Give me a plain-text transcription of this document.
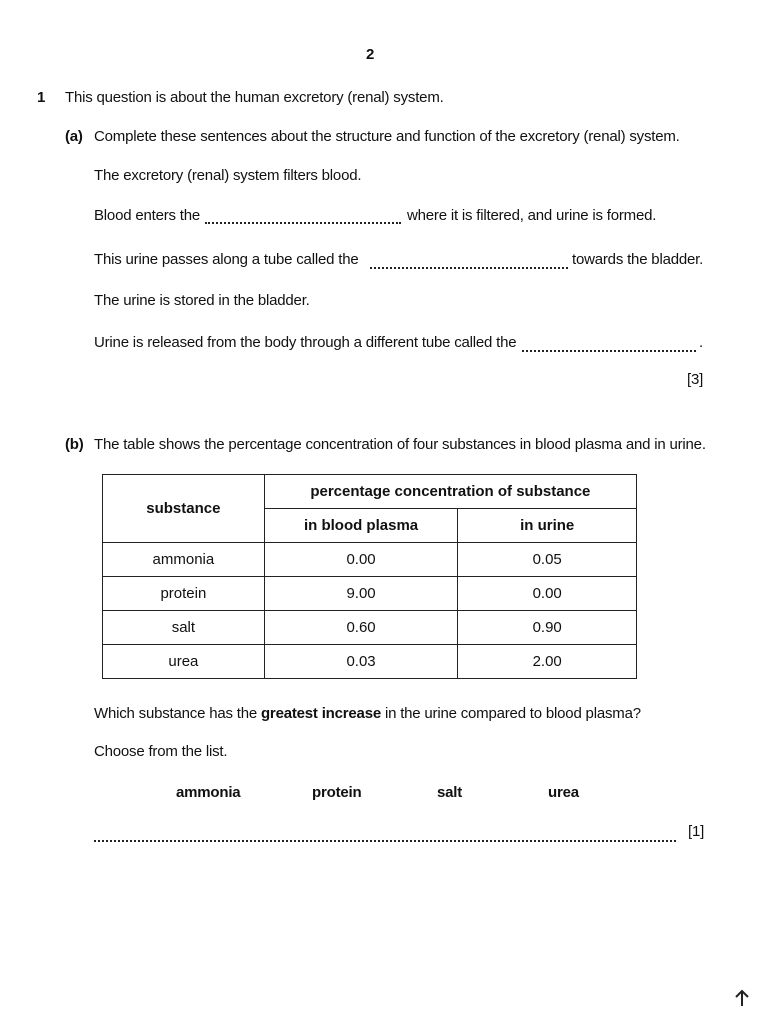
2
1 This question is about the human excretory (renal) system.
(a) Complete these sentences about the structure and function of the excretory (renal) system.
The excretory (renal) system filters blood.
Blood enters the	where it is filtered, and urine is formed.
This urine passes along a tube called the	towards the bladder.
The urine is stored in the bladder.
Urine is released from the body through a different tube called the	.
[3]
(b) The table shows the percentage concentration of four substances in blood plasma and in urine.
substance	percentage concentration of substance	
	in blood plasma	in urine
ammonia	0.00	0.05
protein	9.00	0.00
salt	0.60	0.90
urea	0.03	2.00
Which substance has the greatest increase in the urine compared to blood plasma?
Choose from the list.
ammonia	protein	salt	urea
[1]
